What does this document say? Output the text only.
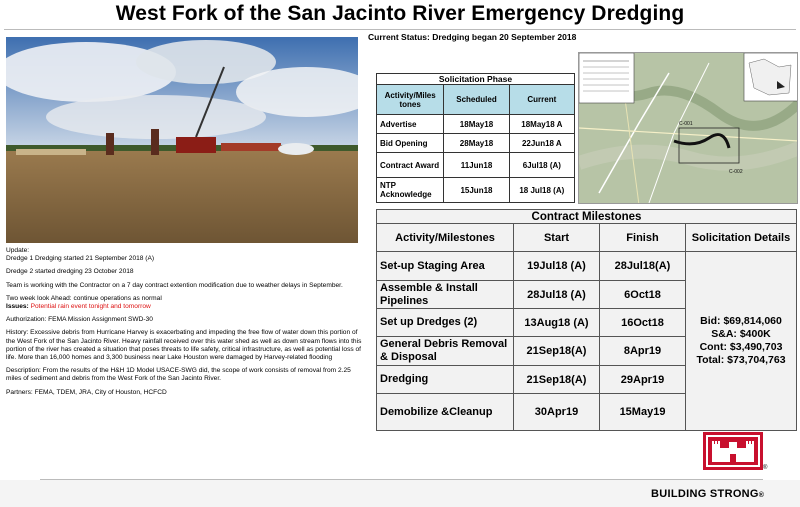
West Fork of the San Jacinto River Emergency Dredging
Current Status: Dredging began 20 September 2018
Solicitation Phase		
Activity/Miles tones	Scheduled	Current
Advertise	18May18	18May18 A
Bid Opening	28May18	22Jun18 A
Contract Award	11Jun18	6Jul18 (A)
NTP Acknowledge	15Jun18	18 Jul18 (A)
C-001
C-002
Contract Milestones			
Activity/Milestones	Start	Finish	Solicitation Details
Set-up Staging Area	19Jul18 (A)	28Jul18(A)	Bid: $69,814,060
S&A: $400K
Cont: $3,490,703
Total: $73,704,763

Assemble & Install Pipelines	28Jul18 (A)	6Oct18	
Set up Dredges (2)	13Aug18 (A)	16Oct18	
General Debris Removal & Disposal	21Sep18(A)	8Apr19	
Dredging	21Sep18(A)	29Apr19	
Demobilize &Cleanup	30Apr19	15May19	

Update:

Dredge 1 Dredging started 21 September 2018 (A)

Dredge 2 started dredging 23 October 2018

Team is working with the Contractor on a 7 day contract extention modification due to weather delays in September.

Two week look Ahead: continue operations as normal

Issues: Potential rain event tonight and tomorrow

Authorization: FEMA Mission Assignment SWD-30

History: Excessive debris from Hurricane Harvey is exacerbating and impeding the free flow of water down this portion of the West Fork of the San Jacinto River. Heavy rainfall received over this water shed as well as down stream flows into this portion of the river has created a situation that poses threats to life safety, critical infrastructure, as well as potential loss of life. More than 16,000 homes and 3,300 business near Lake Houston were damaged by Harvey-related flooding

Description: From the results of the H&H 1D Model USACE-SWG did, the scope of work consists of removal from 2.25 miles of sediment and debris from the West Fork of the San Jacinto River.

Partners: FEMA, TDEM, JRA, City of Houston, HCFCD

®
BUILDING STRONG®
